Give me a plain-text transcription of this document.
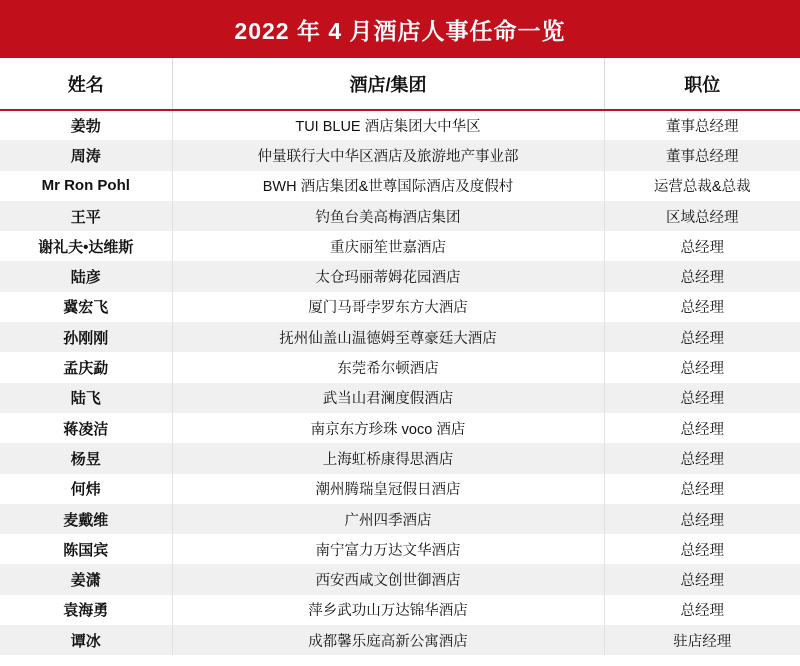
2022 年 4 月酒店人事任命一览
姓名	酒店/集团	职位
姜勃	TUI BLUE 酒店集团大中华区	董事总经理
周涛	仲量联行大中华区酒店及旅游地产事业部	董事总经理
Mr Ron Pohl	BWH 酒店集团&世尊国际酒店及度假村	运营总裁&总裁
王平	钓鱼台美高梅酒店集团	区域总经理
谢礼夫•达维斯	重庆丽笙世嘉酒店	总经理
陆彦	太仓玛丽蒂姆花园酒店	总经理
冀宏飞	厦门马哥孛罗东方大酒店	总经理
孙刚刚	抚州仙盖山温德姆至尊豪廷大酒店	总经理
孟庆勐	东莞希尔顿酒店	总经理
陆飞	武当山君澜度假酒店	总经理
蒋凌洁	南京东方珍珠 voco 酒店	总经理
杨昱	上海虹桥康得思酒店	总经理
何炜	潮州腾瑞皇冠假日酒店	总经理
麦戴维	广州四季酒店	总经理
陈国宾	南宁富力万达文华酒店	总经理
姜潇	西安西咸文创世御酒店	总经理
袁海勇	萍乡武功山万达锦华酒店	总经理
谭冰	成都馨乐庭高新公寓酒店	驻店经理
